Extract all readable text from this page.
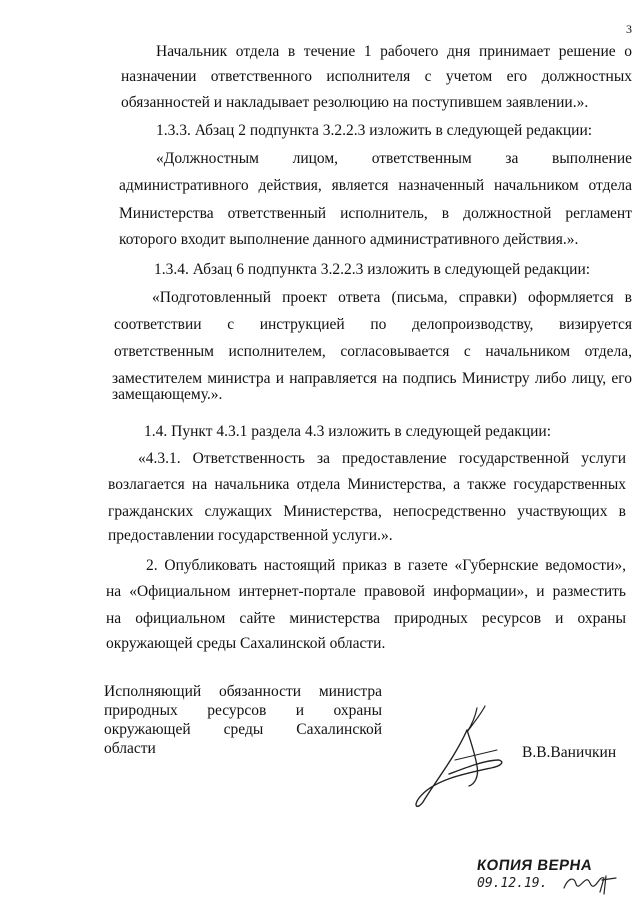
3
Начальник отдела в течение 1 рабочего дня принимает решение о
назначении ответственного исполнителя с учетом его должностных
обязанностей и накладывает резолюцию на поступившем заявлении.».
1.3.3. Абзац 2 подпункта 3.2.2.3 изложить в следующей редакции:
«Должностным лицом, ответственным за выполнение
административного действия, является назначенный начальником отдела
Министерства ответственный исполнитель, в должностной регламент
которого входит выполнение данного административного действия.».
1.3.4. Абзац 6 подпункта 3.2.2.3 изложить в следующей редакции:
«Подготовленный проект ответа (письма, справки) оформляется в
соответствии с инструкцией по делопроизводству, визируется
ответственным исполнителем, согласовывается с начальником отдела,
заместителем министра и направляется на подпись Министру либо лицу, его
замещающему.».
1.4. Пункт 4.3.1 раздела 4.3 изложить в следующей редакции:
«4.3.1. Ответственность за предоставление государственной услуги
возлагается на начальника отдела Министерства, а также государственных
гражданских служащих Министерства, непосредственно участвующих в
предоставлении государственной услуги.».
2. Опубликовать настоящий приказ в газете «Губернские ведомости»,
на «Официальном интернет-портале правовой информации», и разместить
на официальном сайте министерства природных ресурсов и охраны
окружающей среды Сахалинской области.
Исполняющий обязанности министра
природных ресурсов и охраны
окружающей среды Сахалинской
области	В.В.Ваничкин
КОПИЯ ВЕРНА
09.12.19.
